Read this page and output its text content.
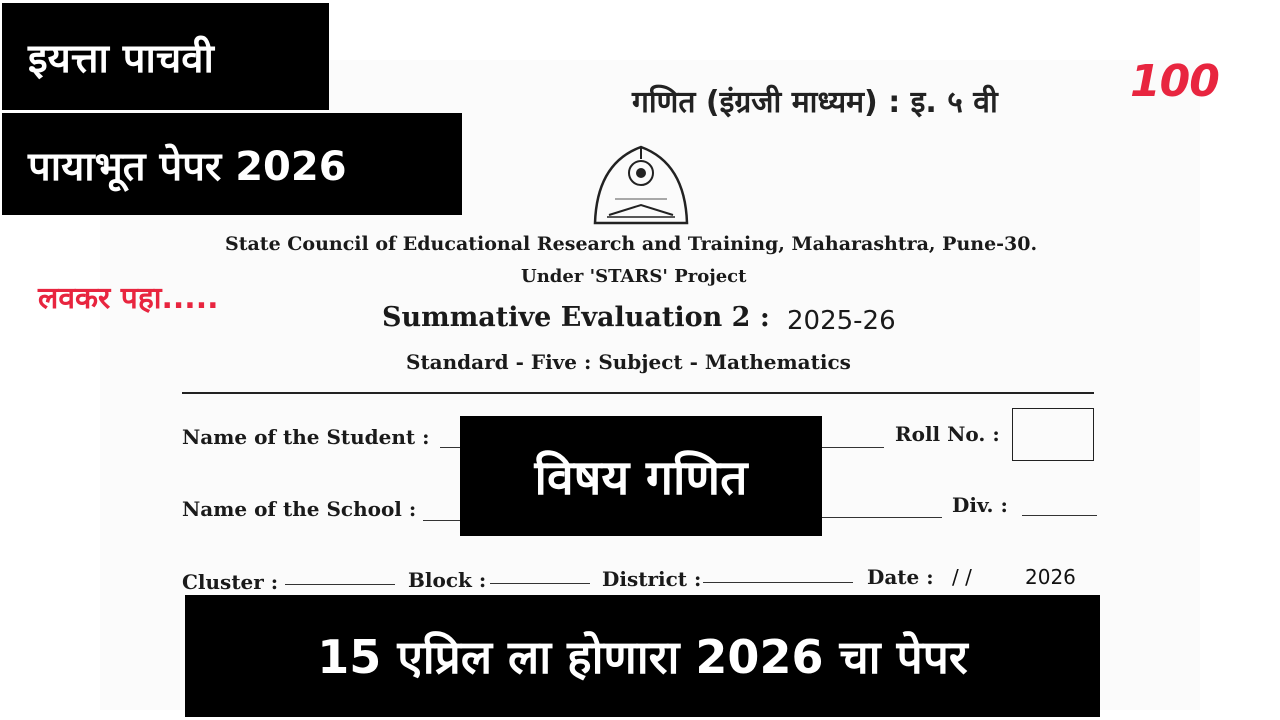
गणित (इंग्रजी माध्यम) : इ. ५ वी
State Council of Educational Research and Training, Maharashtra, Pune-30.
Under 'STARS' Project
Summative Evaluation 2 : 2025-26
Standard - Five : Subject - Mathematics
Name of the Student :	Roll No. :
Name of the School :	Div. :
Cluster :	Block :	District :	Date : / /	2026
इयत्ता पाचवी
पायाभूत पेपर 2026
लवकर पहा.....
100
विषय गणित
15 एप्रिल ला होणारा 2026 चा पेपर
